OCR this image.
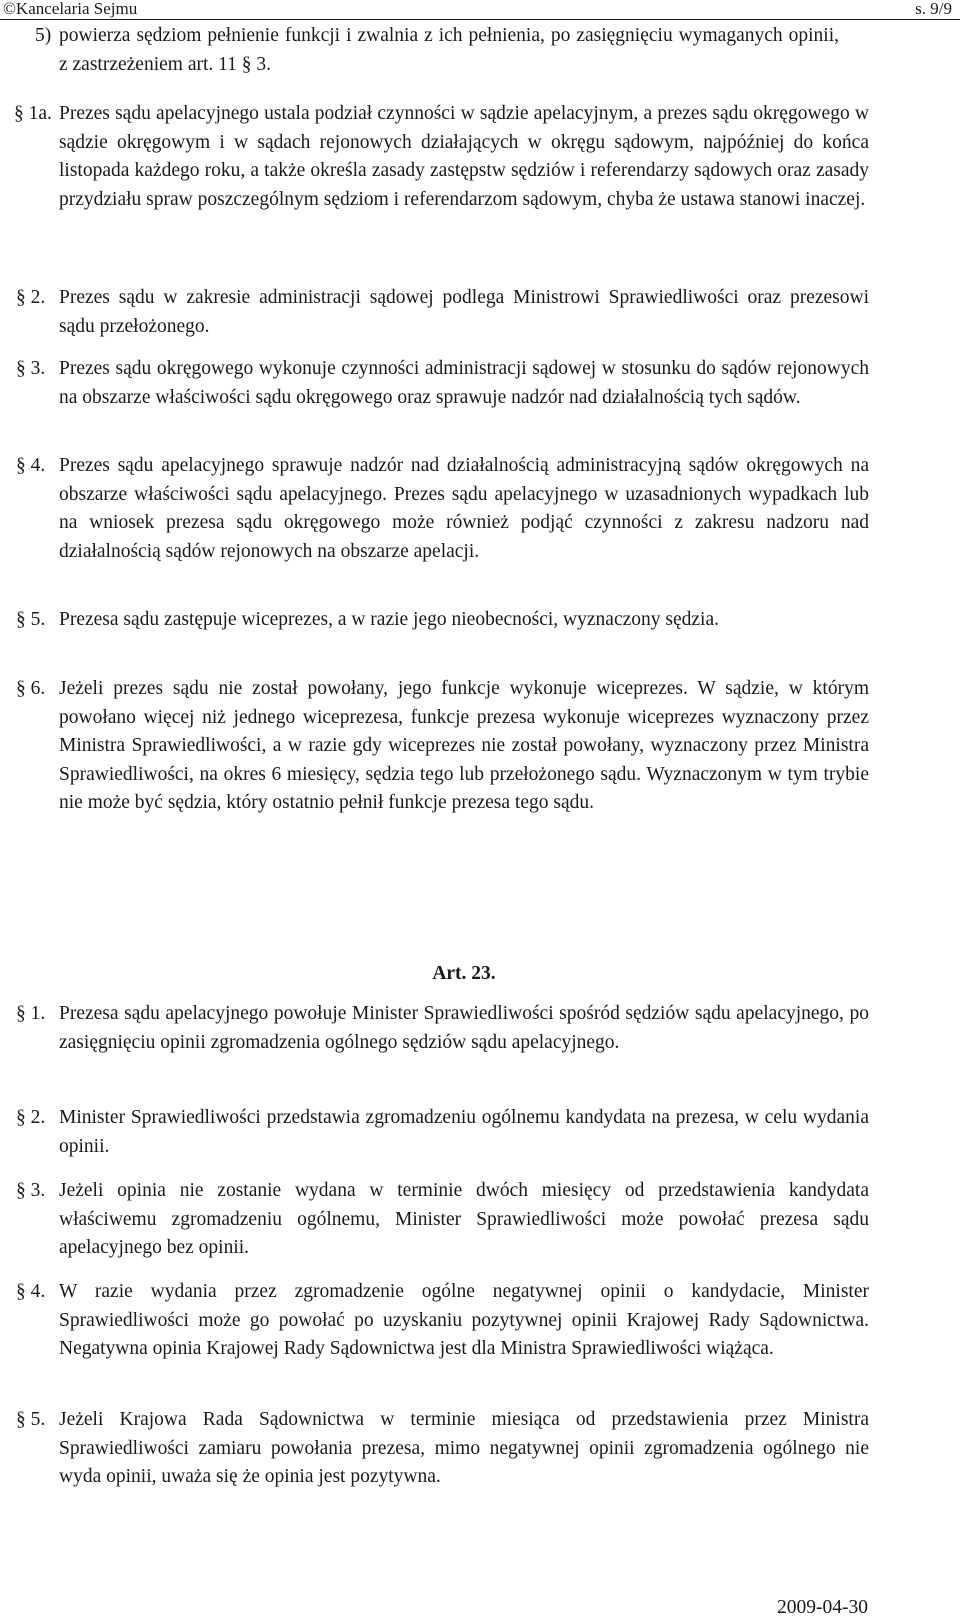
©Kancelaria Sejmu	s. 9/9
5) powierza sędziom pełnienie funkcji i zwalnia z ich pełnienia, po zasięgnięciu wymaganych opinii, z zastrzeżeniem art. 11 § 3.
§ 1a. Prezes sądu apelacyjnego ustala podział czynności w sądzie apelacyjnym, a prezes sądu okręgowego w sądzie okręgowym i w sądach rejonowych działających w okręgu sądowym, najpóźniej do końca listopada każdego roku, a także określa zasady zastępstw sędziów i referendarzy sądowych oraz zasady przydziału spraw poszczególnym sędziom i referendarzom sądowym, chyba że ustawa stanowi inaczej.
§ 2. Prezes sądu w zakresie administracji sądowej podlega Ministrowi Sprawiedliwości oraz prezesowi sądu przełożonego.
§ 3. Prezes sądu okręgowego wykonuje czynności administracji sądowej w stosunku do sądów rejonowych na obszarze właściwości sądu okręgowego oraz sprawuje nadzór nad działalnością tych sądów.
§ 4. Prezes sądu apelacyjnego sprawuje nadzór nad działalnością administracyjną sądów okręgowych na obszarze właściwości sądu apelacyjnego. Prezes sądu apelacyjnego w uzasadnionych wypadkach lub na wniosek prezesa sądu okręgowego może również podjąć czynności z zakresu nadzoru nad działalnością sądów rejonowych na obszarze apelacji.
§ 5. Prezesa sądu zastępuje wiceprezes, a w razie jego nieobecności, wyznaczony sędzia.
§ 6. Jeżeli prezes sądu nie został powołany, jego funkcje wykonuje wiceprezes. W sądzie, w którym powołano więcej niż jednego wiceprezesa, funkcje prezesa wykonuje wiceprezes wyznaczony przez Ministra Sprawiedliwości, a w razie gdy wiceprezes nie został powołany, wyznaczony przez Ministra Sprawiedliwości, na okres 6 miesięcy, sędzia tego lub przełożonego sądu. Wyznaczonym w tym trybie nie może być sędzia, który ostatnio pełnił funkcje prezesa tego sądu.
Art. 23.
§ 1. Prezesa sądu apelacyjnego powołuje Minister Sprawiedliwości spośród sędziów sądu apelacyjnego, po zasięgnięciu opinii zgromadzenia ogólnego sędziów sądu apelacyjnego.
§ 2. Minister Sprawiedliwości przedstawia zgromadzeniu ogólnemu kandydata na prezesa, w celu wydania opinii.
§ 3. Jeżeli opinia nie zostanie wydana w terminie dwóch miesięcy od przedstawienia kandydata właściwemu zgromadzeniu ogólnemu, Minister Sprawiedliwości może powołać prezesa sądu apelacyjnego bez opinii.
§ 4. W razie wydania przez zgromadzenie ogólne negatywnej opinii o kandydacie, Minister Sprawiedliwości może go powołać po uzyskaniu pozytywnej opinii Krajowej Rady Sądownictwa. Negatywna opinia Krajowej Rady Sądownictwa jest dla Ministra Sprawiedliwości wiążąca.
§ 5. Jeżeli Krajowa Rada Sądownictwa w terminie miesiąca od przedstawienia przez Ministra Sprawiedliwości zamiaru powołania prezesa, mimo negatywnej opinii zgromadzenia ogólnego nie wyda opinii, uważa się że opinia jest pozytywna.
2009-04-30
